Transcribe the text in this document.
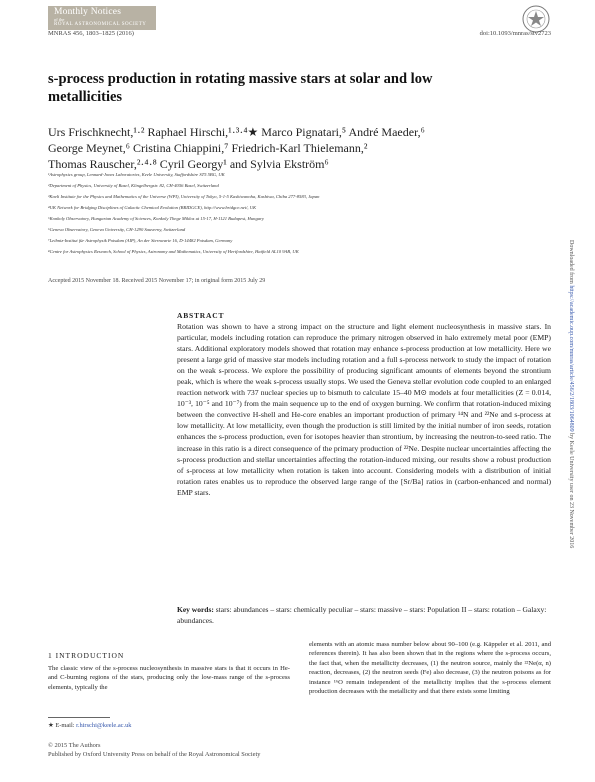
Monthly Notices
of the
ROYAL ASTRONOMICAL SOCIETY
MNRAS 456, 1803–1825 (2016)	doi:10.1093/mnras/stv2723
s-process production in rotating massive stars at solar and low metallicities
Urs Frischknecht,¹·² Raphael Hirschi,¹·³·⁴★ Marco Pignatari,⁵ André Maeder,⁶
George Meynet,⁶ Cristina Chiappini,⁷ Friedrich-Karl Thielemann,²
Thomas Rauscher,²·⁴·⁸ Cyril Georgy¹ and Sylvia Ekström⁶
¹Astrophysics group, Lennard-Jones Laboratories, Keele University, Staffordshire ST5 5BG, UK
²Department of Physics, University of Basel, Klingelbergstr. 82, CH-4056 Basel, Switzerland
³Kavli Institute for the Physics and Mathematics of the Universe (WPI), University of Tokyo, 5-1-5 Kashiwanoha, Kashiwa, Chiba 277-8583, Japan
⁴UK Network for Bridging Disciplines of Galactic Chemical Evolution (BRIDGCE), http://www.bridgce.net/, UK
⁵Konkoly Observatory, Hungarian Academy of Sciences, Konkoly Thege Miklos ut 15-17, H-1121 Budapest, Hungary
⁶Geneva Observatory, Geneva University, CH-1290 Sauverny, Switzerland
⁷Leibniz-Institut für Astrophysik Potsdam (AIP), An der Sternwarte 16, D-14482 Potsdam, Germany
⁸Centre for Astrophysics Research, School of Physics, Astronomy and Mathematics, University of Hertfordshire, Hatfield AL10 9AB, UK
Accepted 2015 November 18. Received 2015 November 17; in original form 2015 July 29
ABSTRACT

Rotation was shown to have a strong impact on the structure and light element nucleosynthesis in massive stars. In particular, models including rotation can reproduce the primary nitrogen observed in halo extremely metal poor (EMP) stars. Additional exploratory models showed that rotation may enhance s-process production at low metallicity. Here we present a large grid of massive star models including rotation and a full s-process network to study the impact of rotation on the weak s-process. We explore the possibility of producing significant amounts of elements beyond the strontium peak, which is where the weak s-process usually stops. We used the Geneva stellar evolution code coupled to an enlarged reaction network with 737 nuclear species up to bismuth to calculate 15–40 M⊙ models at four metallicities (Z = 0.014, 10⁻³, 10⁻⁵ and 10⁻⁷) from the main sequence up to the end of oxygen burning. We confirm that rotation-induced mixing between the convective H-shell and He-core enables an important production of primary ¹⁴N and ²²Ne and s-process at low metallicity. At low metallicity, even though the production is still limited by the initial number of iron seeds, rotation enhances the s-process production, even for isotopes heavier than strontium, by increasing the neutron-to-seed ratio. The increase in this ratio is a direct consequence of the primary production of ²²Ne. Despite nuclear uncertainties affecting the s-process production and stellar uncertainties affecting the rotation-induced mixing, our results show a robust production of s-process at low metallicity when rotation is taken into account. Considering models with a distribution of initial rotation rates enables us to reproduce the observed large range of the [Sr/Ba] ratios in (carbon-enhanced and normal) EMP stars.

Key words: stars: abundances – stars: chemically peculiar – stars: massive – stars: Population II – stars: rotation – Galaxy: abundances.

Downloaded from https://academic.oup.com/mnras/article/456/2/1803/1064809 by Keele University user on 23 November 2016
1 INTRODUCTION

The classic view of the s-process nucleosynthesis in massive stars is that it occurs in He- and C-burning regions of the stars, producing only the low-mass range of the s-process elements, typically the

elements with an atomic mass number below about 90–100 (e.g. Käppeler et al. 2011, and references therein). It has also been shown that in the regions where the s-process occurs, the fact that, when the metallicity decreases, (1) the neutron source, mainly the ²²Ne(α, n) reaction, decreases, (2) the neutron seeds (Fe) also decrease, (3) the neutron poisons as for instance ¹⁶O remain independent of the metallicity implies that the s-process element production decreases with the metallicity and that there exists some limiting

★ E-mail: r.hirschi@keele.ac.uk
© 2015 The Authors
Published by Oxford University Press on behalf of the Royal Astronomical Society
